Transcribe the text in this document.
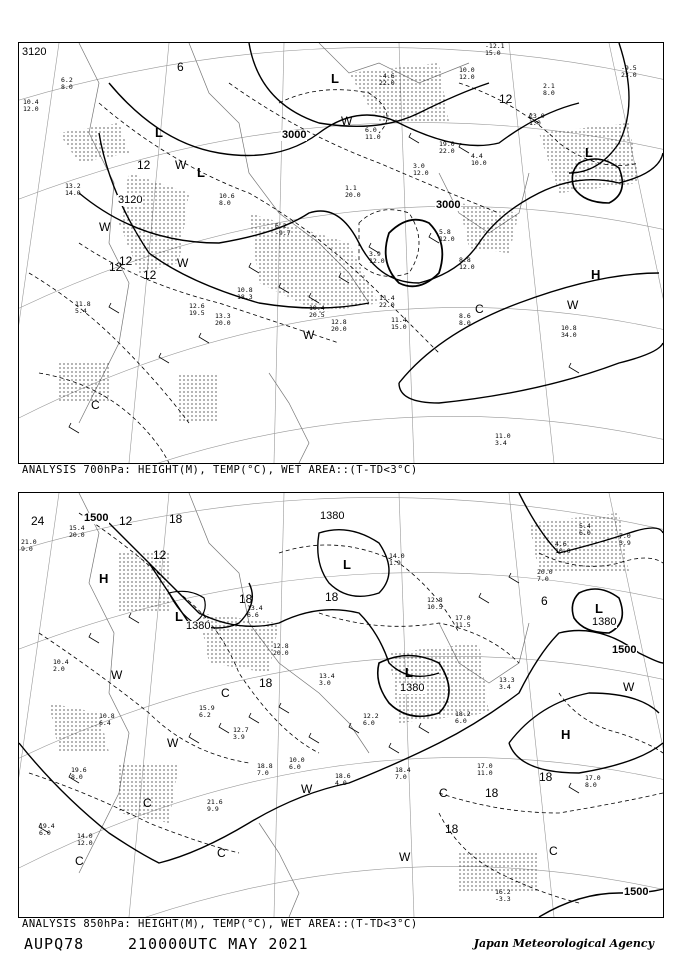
3120
3000
3000
3120
12
6
12
12
12
12
L
L
L
L
H
W
W
W
W
W
W
C
C
10.4
12.0
6.2
8.0
13.2
14.0
11.8
5.4
12.6
19.5 13.3
20.0
10.8
18.3	11.4
22.0
11.4
15.0
8.6
8.0
10.8
34.0
11.0
3.4
3.0
12.0
19.0
22.0
5.8
12.0
8.8
12.0
10.4
20.5
12.8
20.0
1.1
20.0
6.2
-9.7
3.9
12.0
4.4
10.0
23.0
1.0
2.1
8.0
-9.5
23.0
-12.1
15.0
10.0
12.0
-4.6
22.0
6.0
11.0
10.6
8.0
ANALYSIS 700hPa: HEIGHT(M), TEMP(°C), WET AREA::(T-TD<3°C)
1500
1380
1380
1380
1500
1500
1380
24	12	18
12
18	18
18
18
18
6
18
L
L
L
L
H
H
W
W
W
W
W
C
C
C
C
C
C
21.0
9.0
15.4
20.0
10.4
2.0
10.8
6.4
15.9
6.2
12.7
3.9
10.0
6.0
18.6
4.0
18.4
7.0
18.2
6.0
17.0
11.0
17.0
8.0
16.2
-3.3
19.6
8.0
19.4
6.0	14.0
12.0
13.3
3.4
20.0
7.0
4.6
10.0
12.8
10.5
17.0
11.5
12.8
20.0
13.4
3.0
12.2
6.0
7.0
3.9
5.4
6.0
21.6
9.9
14.0
1.9
13.4
6.6
18.8
7.0
ANALYSIS 850hPa: HEIGHT(M), TEMP(°C), WET AREA::(T-TD<3°C)
AUPQ78	210000UTC MAY 2021	Japan Meteorological Agency
